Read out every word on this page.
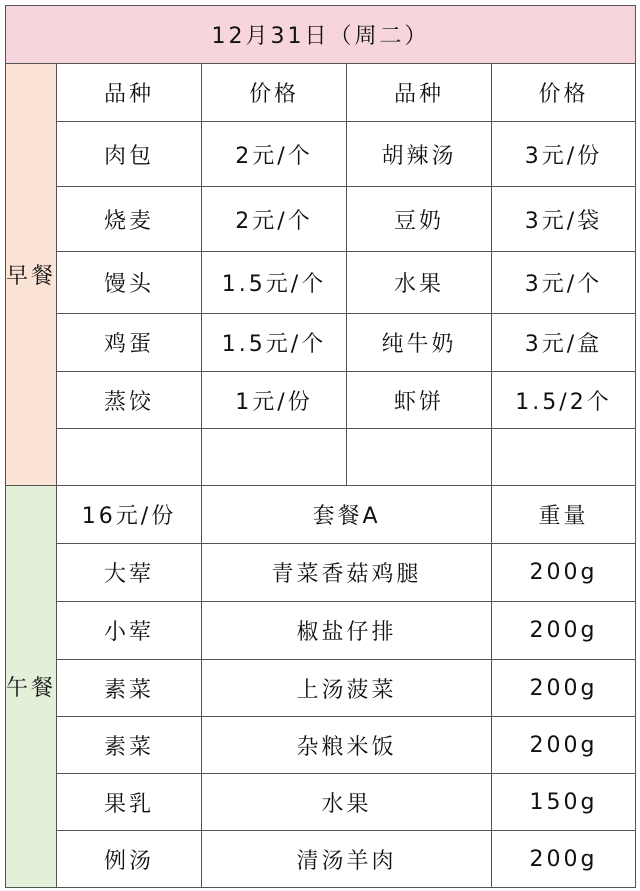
12月31日（周二）				
早餐	品种	价格	品种	价格
	肉包	2元/个	胡辣汤	3元/份
	烧麦	2元/个	豆奶	3元/袋
	馒头	1.5元/个	水果	3元/个
	鸡蛋	1.5元/个	纯牛奶	3元/盒
	蒸饺	1元/份	虾饼	1.5/2个

午餐	16元/份	套餐A		重量
	大荤	青菜香菇鸡腿		200g
	小荤	椒盐仔排		200g
	素菜	上汤菠菜		200g
	素菜	杂粮米饭		200g
	果乳	水果		150g
	例汤	清汤羊肉		200g
